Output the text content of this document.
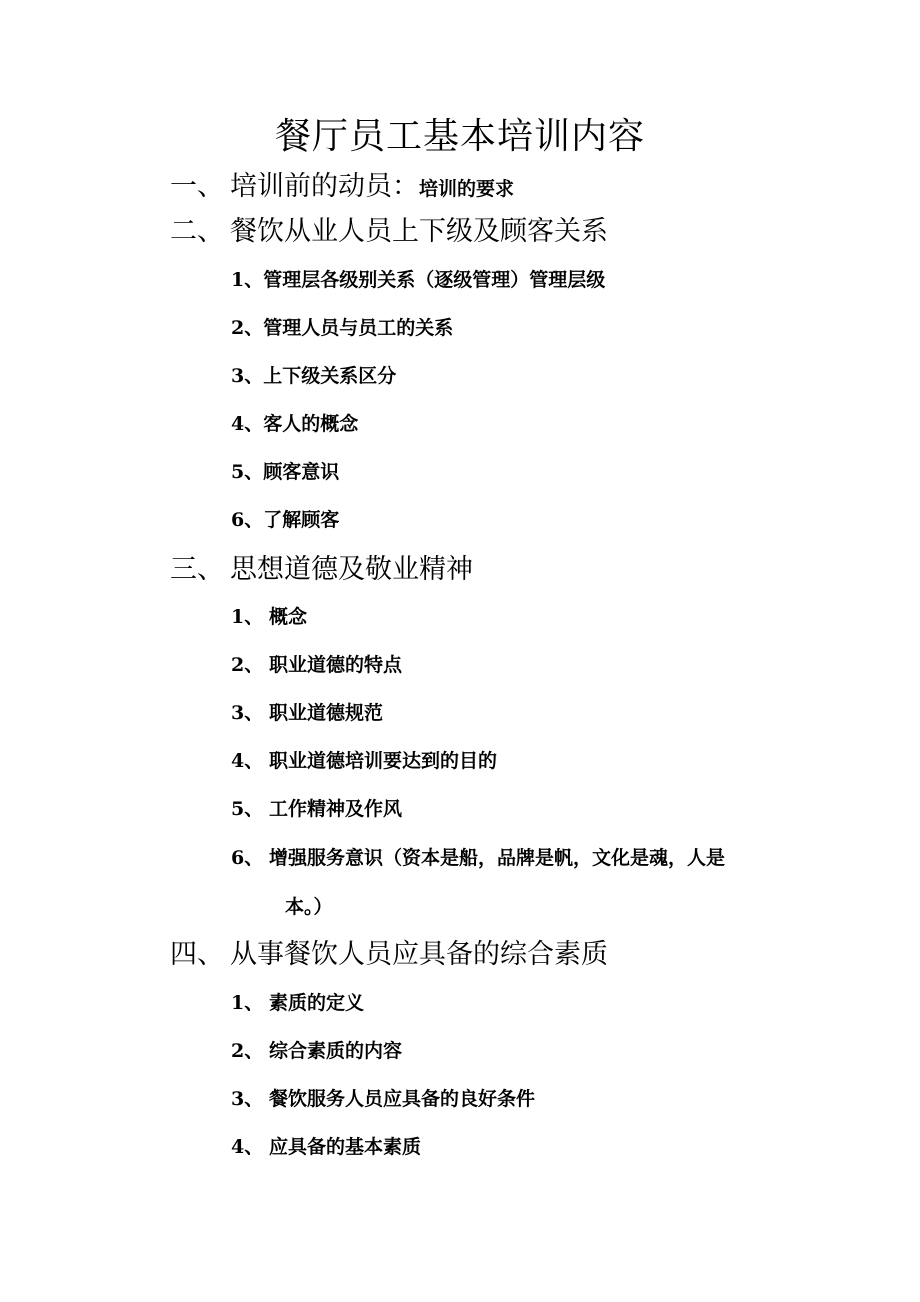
餐厅员工基本培训内容
一、 培训前的动员：培训的要求
二、 餐饮从业人员上下级及顾客关系
1、管理层各级别关系（逐级管理）管理层级
2、管理人员与员工的关系
3、上下级关系区分
4、客人的概念
5、顾客意识
6、了解顾客
三、 思想道德及敬业精神
1、 概念
2、 职业道德的特点
3、 职业道德规范
4、 职业道德培训要达到的目的
5、 工作精神及作风
6、 增强服务意识（资本是船，品牌是帆，文化是魂，人是
本。）
四、 从事餐饮人员应具备的综合素质
1、 素质的定义
2、 综合素质的内容
3、 餐饮服务人员应具备的良好条件
4、 应具备的基本素质
